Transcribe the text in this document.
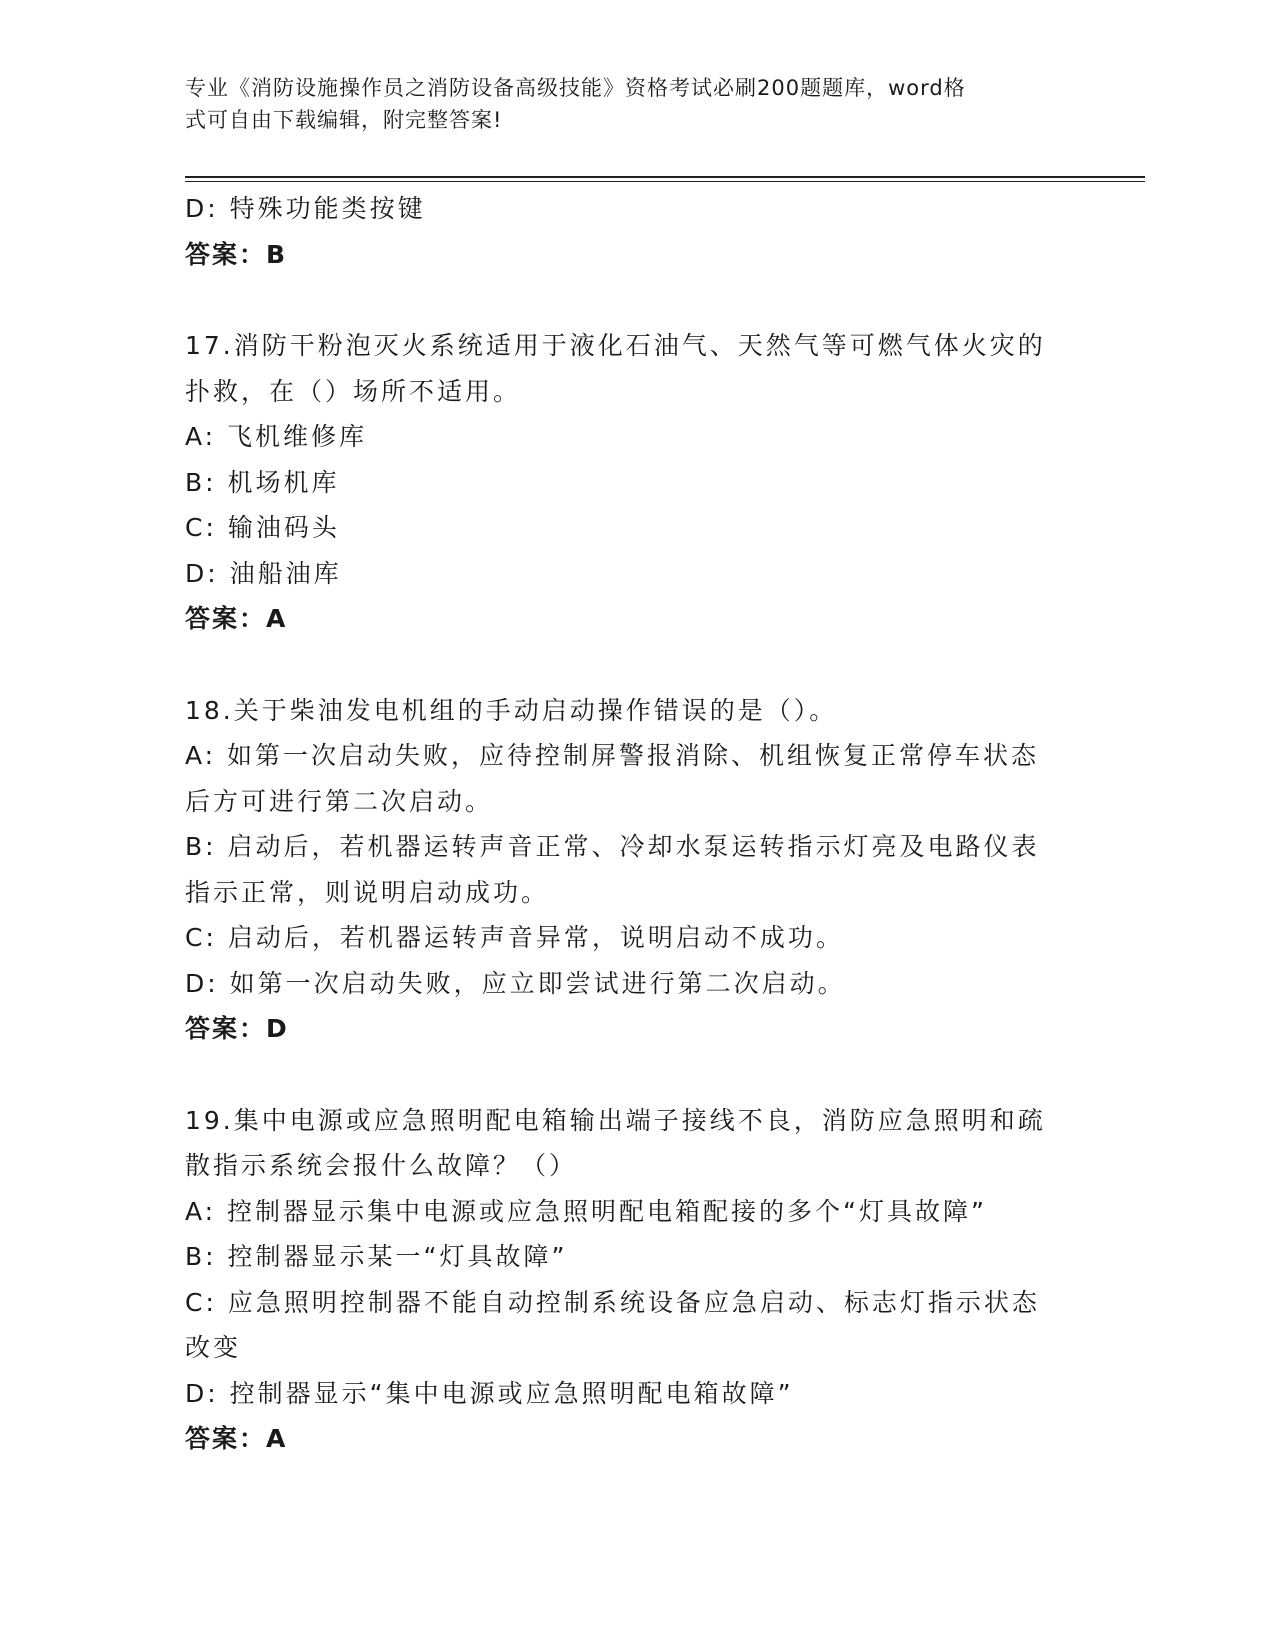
专业《消防设施操作员之消防设备高级技能》资格考试必刷200题题库，word格

式可自由下载编辑，附完整答案!

D: 特殊功能类按键

答案：B

17.消防干粉泡灭火系统适用于液化石油气、天然气等可燃气体火灾的

扑救，在（）场所不适用。

A: 飞机维修库

B: 机场机库

C: 输油码头

D: 油船油库

答案：A

18.关于柴油发电机组的手动启动操作错误的是（）。

A: 如第一次启动失败，应待控制屏警报消除、机组恢复正常停车状态

后方可进行第二次启动。

B: 启动后，若机器运转声音正常、冷却水泵运转指示灯亮及电路仪表

指示正常，则说明启动成功。

C: 启动后，若机器运转声音异常，说明启动不成功。

D: 如第一次启动失败，应立即尝试进行第二次启动。

答案：D

19.集中电源或应急照明配电箱输出端子接线不良，消防应急照明和疏

散指示系统会报什么故障？（）

A: 控制器显示集中电源或应急照明配电箱配接的多个“灯具故障”

B: 控制器显示某一“灯具故障”

C: 应急照明控制器不能自动控制系统设备应急启动、标志灯指示状态

改变

D: 控制器显示“集中电源或应急照明配电箱故障”

答案：A
